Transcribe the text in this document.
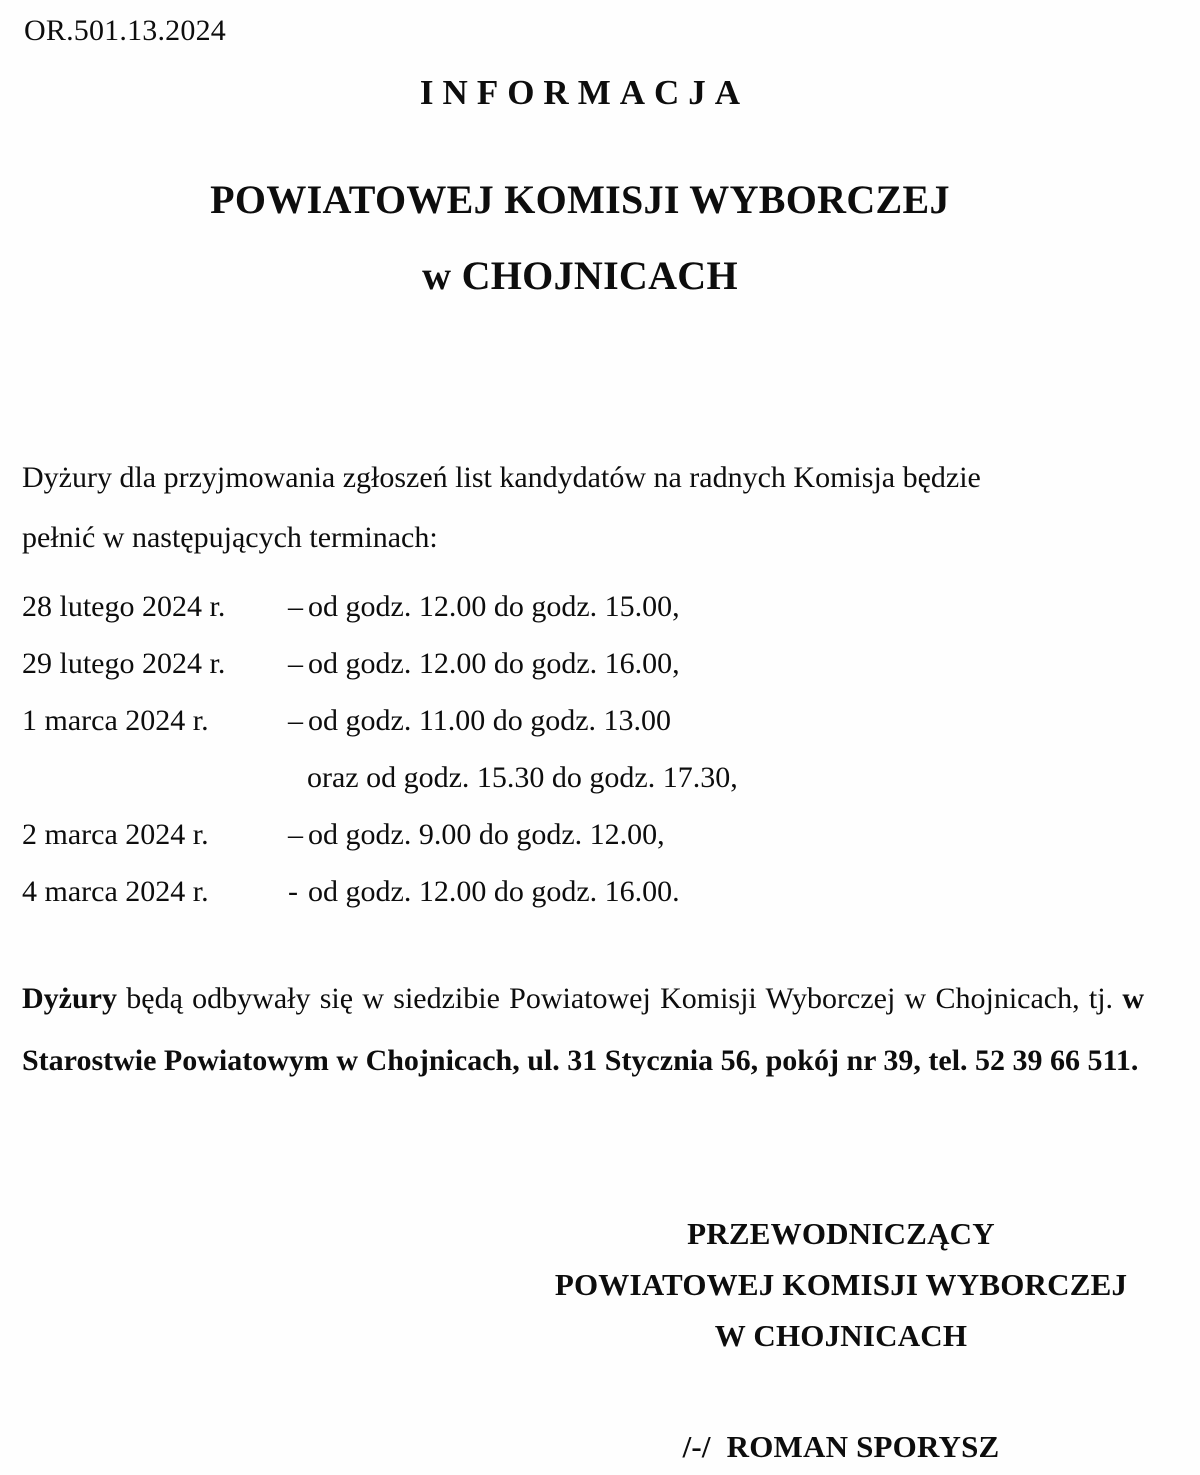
OR.501.13.2024
INFORMACJA
POWIATOWEJ KOMISJI WYBORCZEJ
w CHOJNICACH
Dyżury dla przyjmowania zgłoszeń list kandydatów na radnych Komisja będzie
pełnić w następujących terminach:
28 lutego 2024 r.	– od godz. 12.00 do godz. 15.00,
29 lutego 2024 r.	– od godz. 12.00 do godz. 16.00,
1 marca 2024 r.	– od godz. 11.00 do godz. 13.00
oraz od godz. 15.30 do godz. 17.30,
2 marca 2024 r.	– od godz. 9.00 do godz. 12.00,
4 marca 2024 r.	- od godz. 12.00 do godz. 16.00.
Dyżury będą odbywały się w siedzibie Powiatowej Komisji Wyborczej w Chojnicach, tj. w Starostwie Powiatowym w Chojnicach, ul. 31 Stycznia 56, pokój nr 39, tel. 52 39 66 511.
PRZEWODNICZĄCY
POWIATOWEJ KOMISJI WYBORCZEJ
W CHOJNICACH
/-/  ROMAN SPORYSZ
